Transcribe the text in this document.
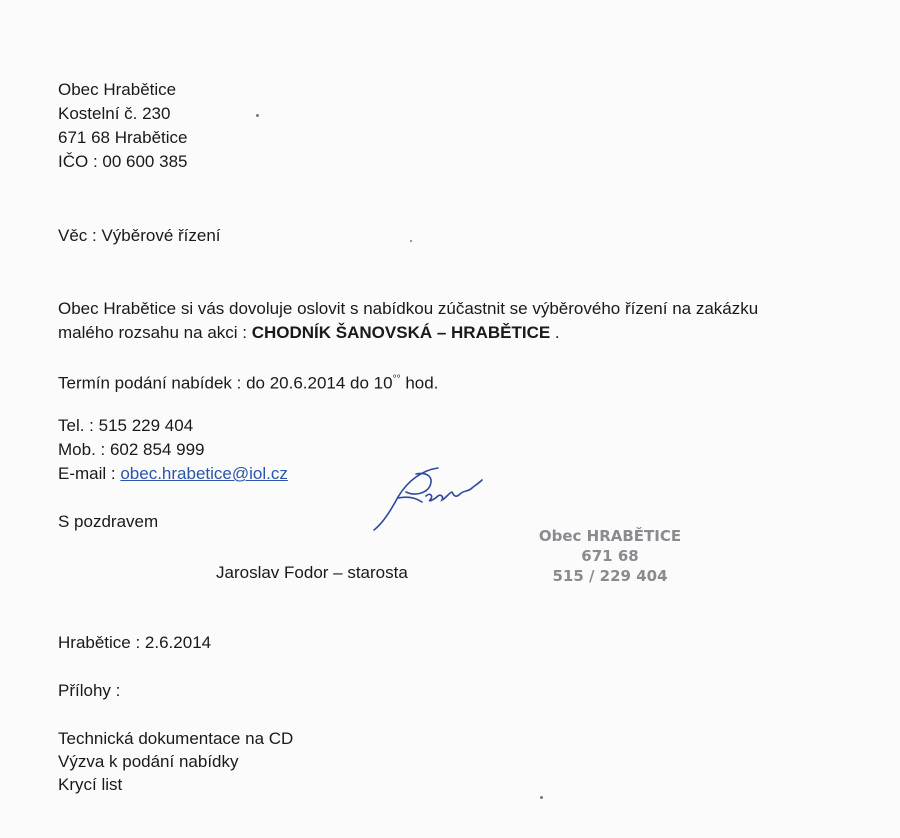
Obec Hrabětice
Kostelní č. 230
671 68 Hrabětice
IČO : 00 600 385
Věc : Výběrové řízení
Obec Hrabětice si vás dovoluje oslovit s nabídkou zúčastnit se výběrového řízení na zakázku
malého rozsahu na akci : CHODNÍK ŠANOVSKÁ – HRABĚTICE .
Termín podání nabídek : do 20.6.2014 do 10°° hod.
Tel. : 515 229 404
Mob. : 602 854 999
E-mail : obec.hrabetice@iol.cz
S pozdravem
Obec HRABĚTICE
671 68
515 / 229 404
Jaroslav Fodor – starosta
Hrabětice : 2.6.2014
Přílohy :
Technická dokumentace na CD
Výzva k podání nabídky
Krycí list
